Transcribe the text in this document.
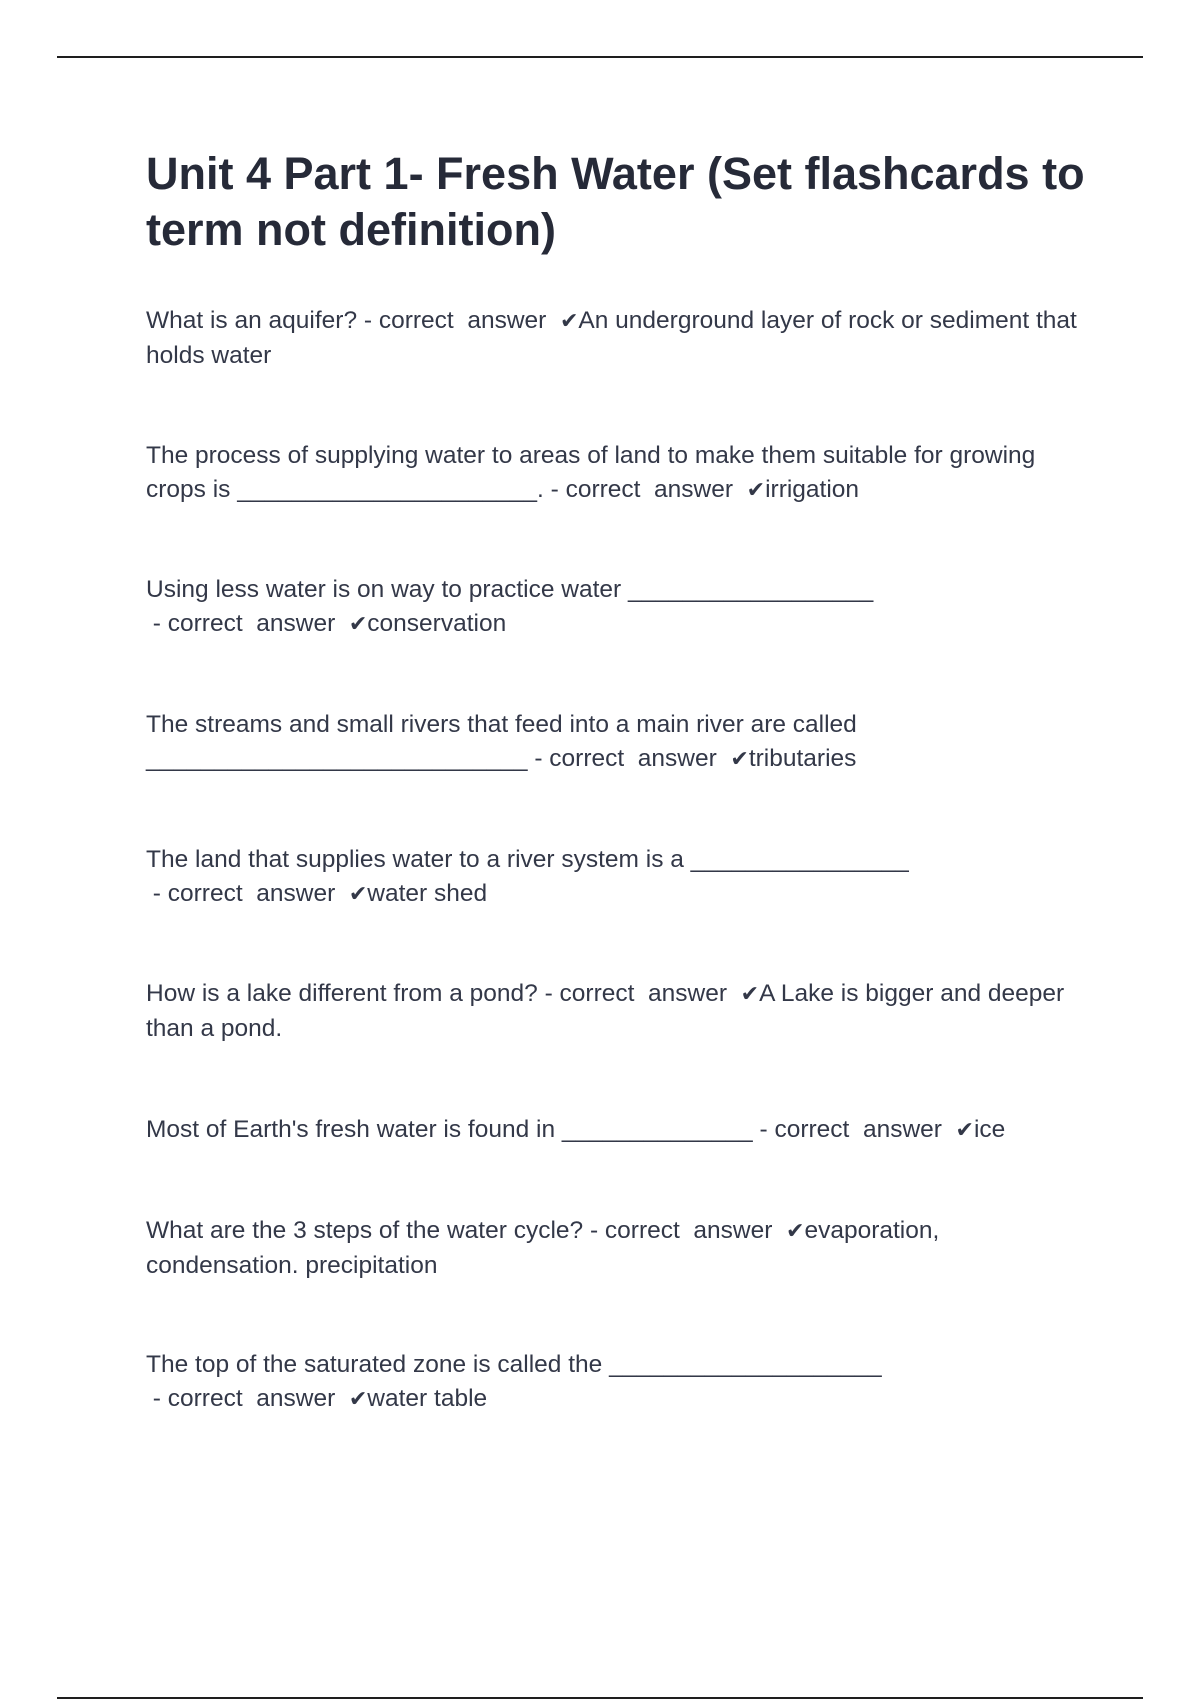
Unit 4 Part 1- Fresh Water (Set flashcards to term not definition)

What is an aquifer? - correct  answer  ✔An underground layer of rock or sediment that holds water

The process of supplying water to areas of land to make them suitable for growing crops is ______________________. - correct  answer  ✔irrigation

Using less water is on way to practice water __________________ - correct  answer  ✔conservation

The streams and small rivers that feed into a main river are called ____________________________ - correct  answer  ✔tributaries

The land that supplies water to a river system is a ________________ - correct  answer  ✔water shed

How is a lake different from a pond? - correct  answer  ✔A Lake is bigger and deeper than a pond.

Most of Earth's fresh water is found in ______________ - correct  answer  ✔ice

What are the 3 steps of the water cycle? - correct  answer  ✔evaporation, condensation. precipitation

The top of the saturated zone is called the ____________________ - correct  answer  ✔water table
